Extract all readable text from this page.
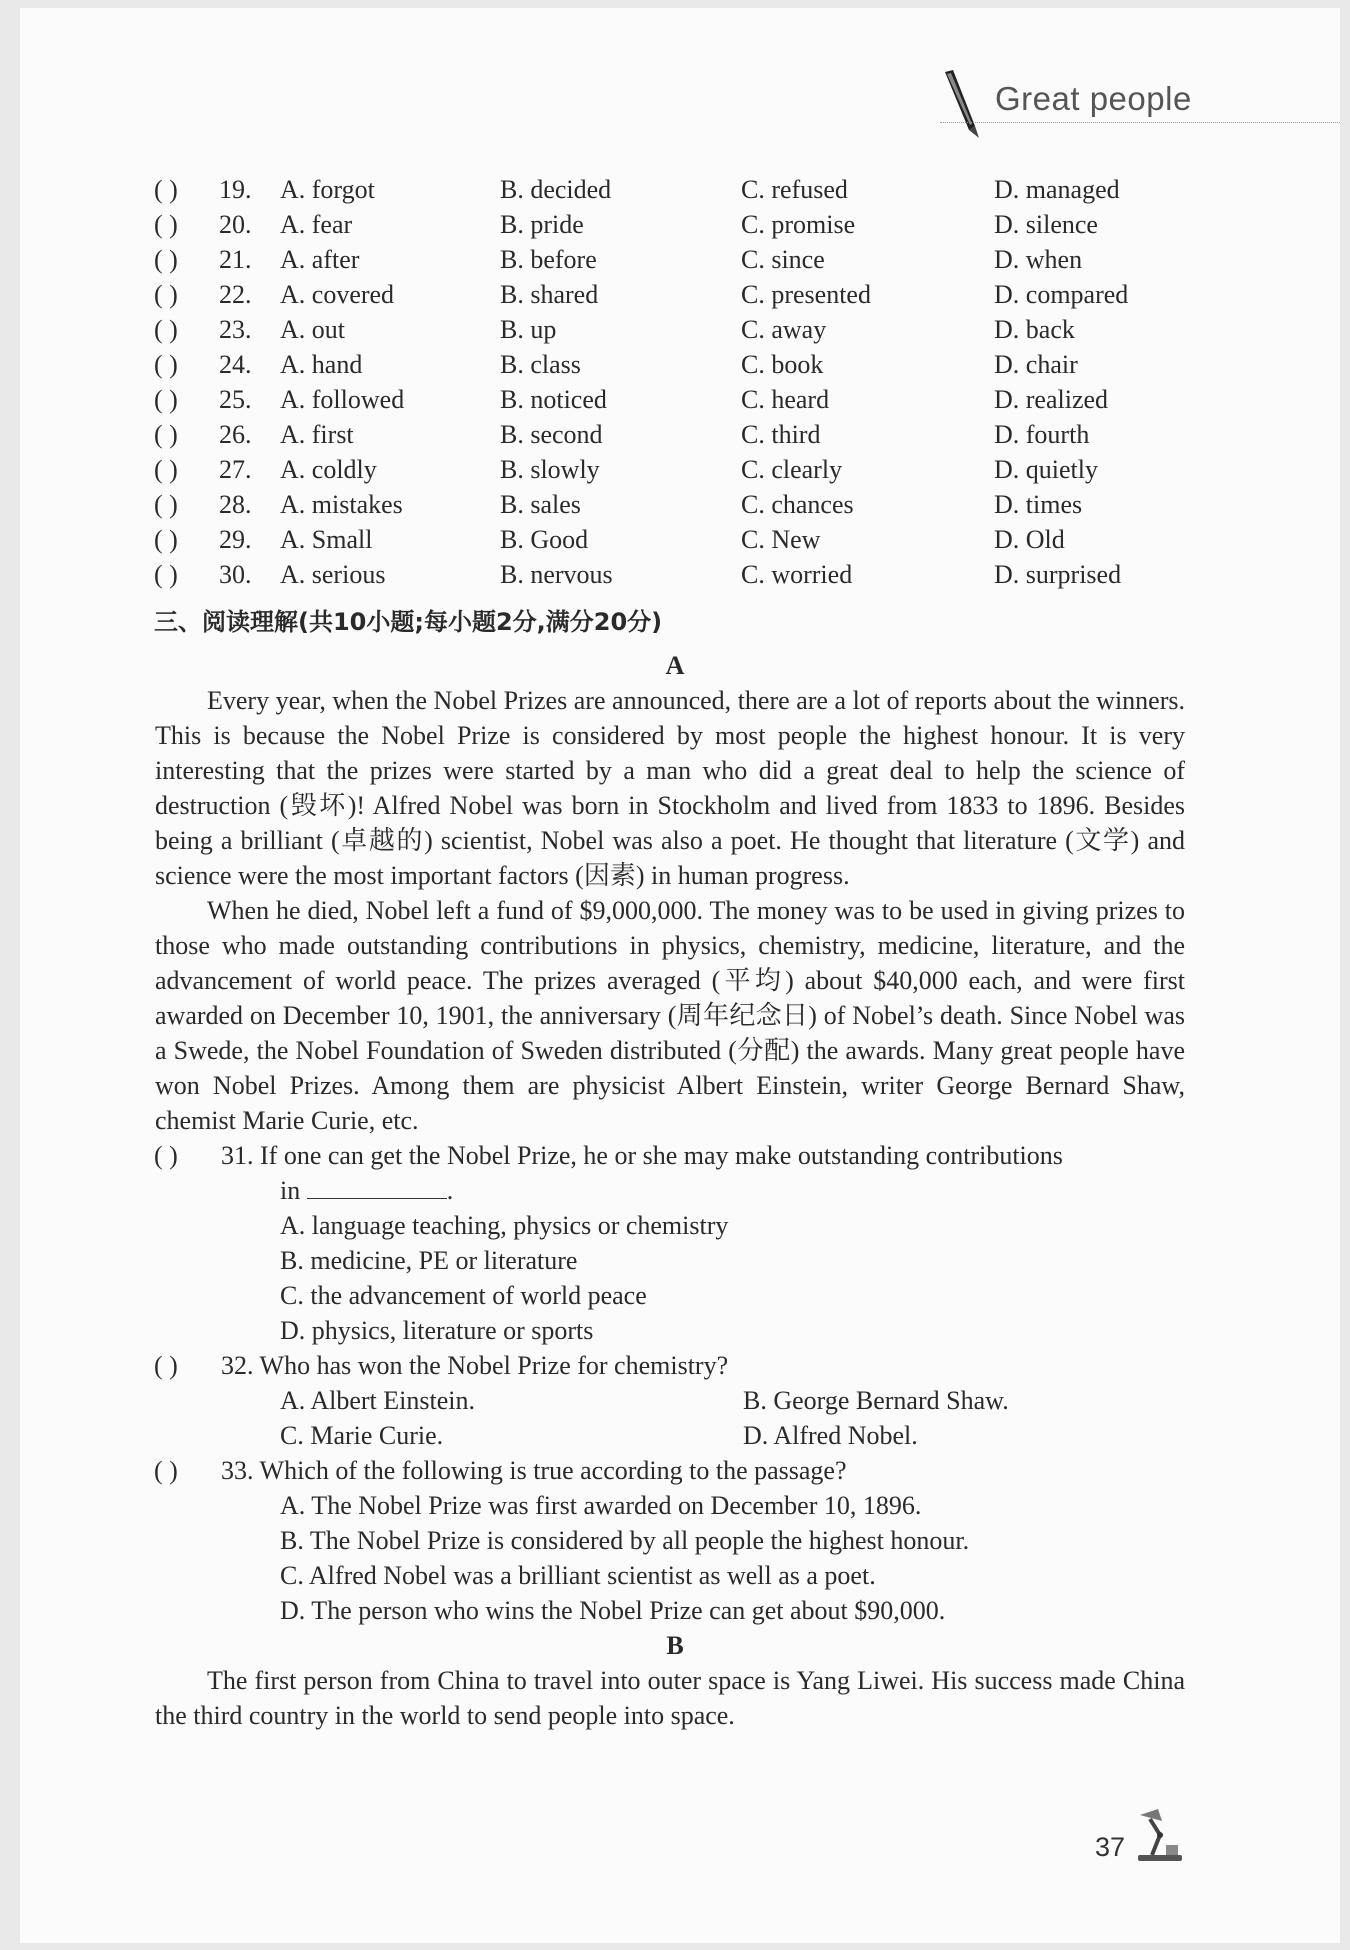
Great people
( ) 19. A. forgot	B. decided	C. refused	D. managed
( ) 20. A. fear	B. pride	C. promise	D. silence
( ) 21. A. after	B. before	C. since	D. when
( ) 22. A. covered	B. shared	C. presented	D. compared
( ) 23. A. out	B. up	C. away	D. back
( ) 24. A. hand	B. class	C. book	D. chair
( ) 25. A. followed	B. noticed	C. heard	D. realized
( ) 26. A. first	B. second	C. third	D. fourth
( ) 27. A. coldly	B. slowly	C. clearly	D. quietly
( ) 28. A. mistakes	B. sales	C. chances	D. times
( ) 29. A. Small	B. Good	C. New	D. Old
( ) 30. A. serious	B. nervous	C. worried	D. surprised
三、阅读理解(共10小题;每小题2分,满分20分)
A

Every year, when the Nobel Prizes are announced, there are a lot of reports about the winners. This is because the Nobel Prize is considered by most people the highest honour. It is very interesting that the prizes were started by a man who did a great deal to help the science of destruction (毁坏)! Alfred Nobel was born in Stockholm and lived from 1833 to 1896. Besides being a brilliant (卓越的) scientist, Nobel was also a poet. He thought that literature (文学) and science were the most important factors (因素) in human progress.

When he died, Nobel left a fund of $9,000,000. The money was to be used in giving prizes to those who made outstanding contributions in physics, chemistry, medicine, literature, and the advancement of world peace. The prizes averaged (平均) about $40,000 each, and were first awarded on December 10, 1901, the anniversary (周年纪念日) of Nobel’s death. Since Nobel was a Swede, the Nobel Foundation of Sweden distributed (分配) the awards. Many great people have won Nobel Prizes. Among them are physicist Albert Einstein, writer George Bernard Shaw, chemist Marie Curie, etc.

( ) 31. If one can get the Nobel Prize, he or she may make outstanding contributions
in	.
A. language teaching, physics or chemistry
B. medicine, PE or literature
C. the advancement of world peace
D. physics, literature or sports
( ) 32. Who has won the Nobel Prize for chemistry?
A. Albert Einstein.	B. George Bernard Shaw.
C. Marie Curie.	D. Alfred Nobel.
( ) 33. Which of the following is true according to the passage?
A. The Nobel Prize was first awarded on December 10, 1896.
B. The Nobel Prize is considered by all people the highest honour.
C. Alfred Nobel was a brilliant scientist as well as a poet.
D. The person who wins the Nobel Prize can get about $90,000.
B

The first person from China to travel into outer space is Yang Liwei. His success made China the third country in the world to send people into space.

37
